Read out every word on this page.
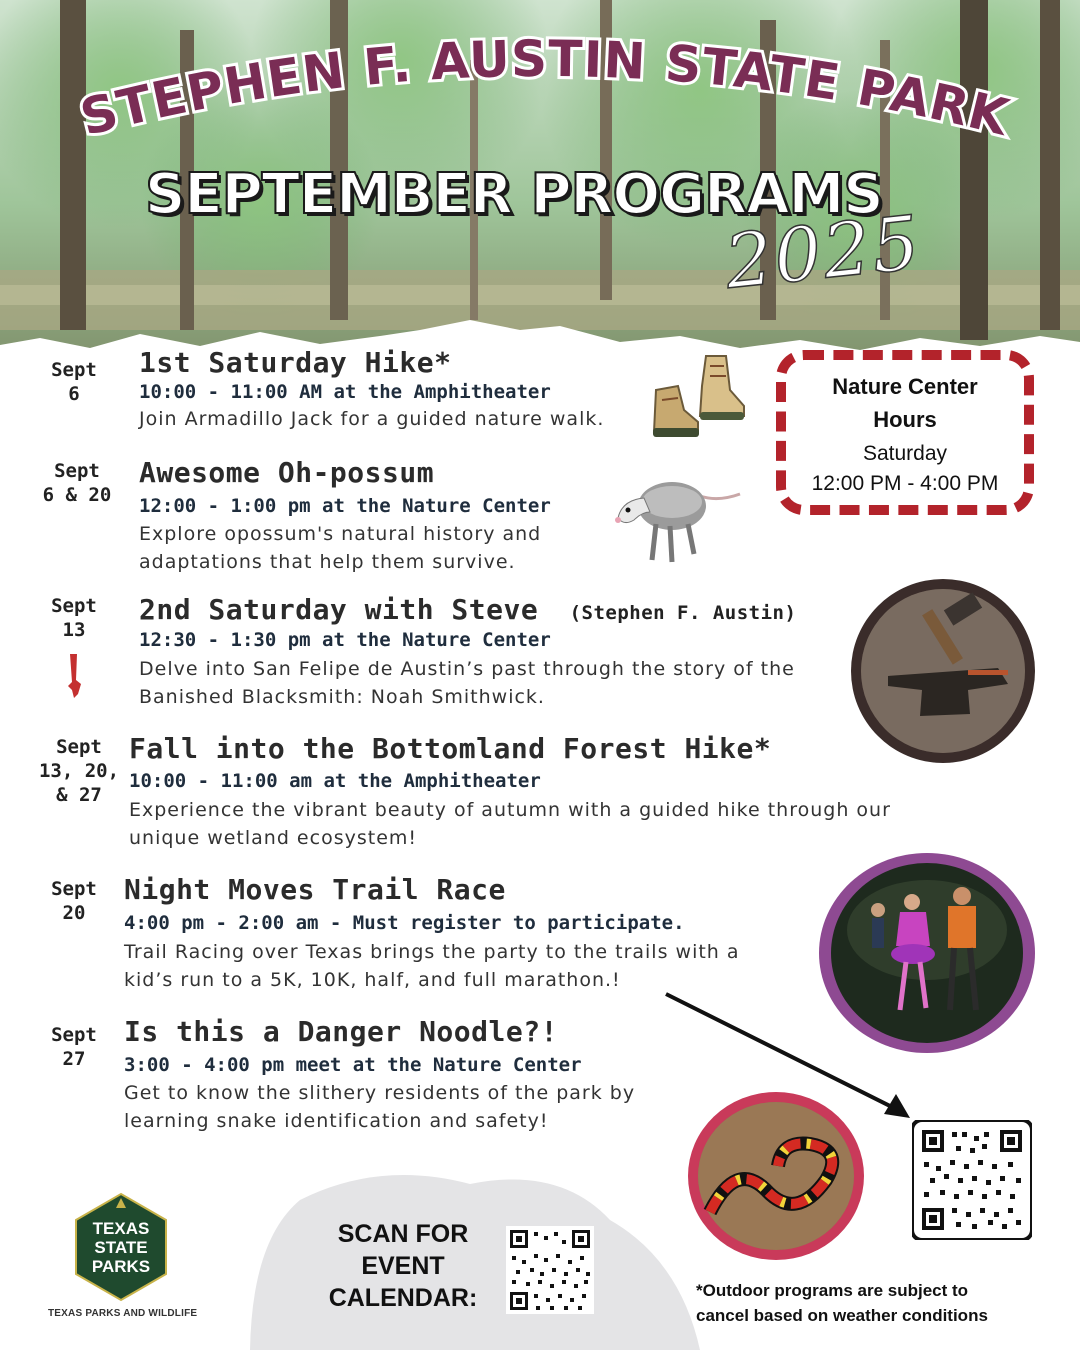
STEPHEN F. AUSTIN STATE PARK
SEPTEMBER PROGRAMS
2025
Sept
6
1st Saturday Hike*
10:00 - 11:00 AM at the Amphitheater
Join Armadillo Jack for a guided nature walk.
Sept
6 & 20
Awesome Oh-possum
12:00 - 1:00 pm at the Nature Center
Explore opossum's natural history and
adaptations that help them survive.
Nature Center
Hours
Saturday
12:00 PM - 4:00 PM
Sept
13
2nd Saturday with Steve (Stephen F. Austin)
12:30 - 1:30 pm at the Nature Center
Delve into San Felipe de Austin’s past through the story of the
Banished Blacksmith: Noah Smithwick.
Sept
13, 20,
& 27
Fall into the Bottomland Forest Hike*
10:00 - 11:00 am at the Amphitheater
Experience the vibrant beauty of autumn with a guided hike through our
unique wetland ecosystem!
Sept
20
Night Moves Trail Race
4:00 pm - 2:00 am - Must register to participate.
Trail Racing over Texas brings the party to the trails with a
kid’s run to a 5K, 10K, half, and full marathon.!
Sept
27
Is this a Danger Noodle?!
3:00 - 4:00 pm meet at the Nature Center
Get to know the slithery residents of the park by
learning snake identification and safety!
TEXAS
STATE
PARKS
TEXAS PARKS AND WILDLIFE
SCAN FOR
EVENT
CALENDAR:	*Outdoor programs are subject to
cancel based on weather conditions
